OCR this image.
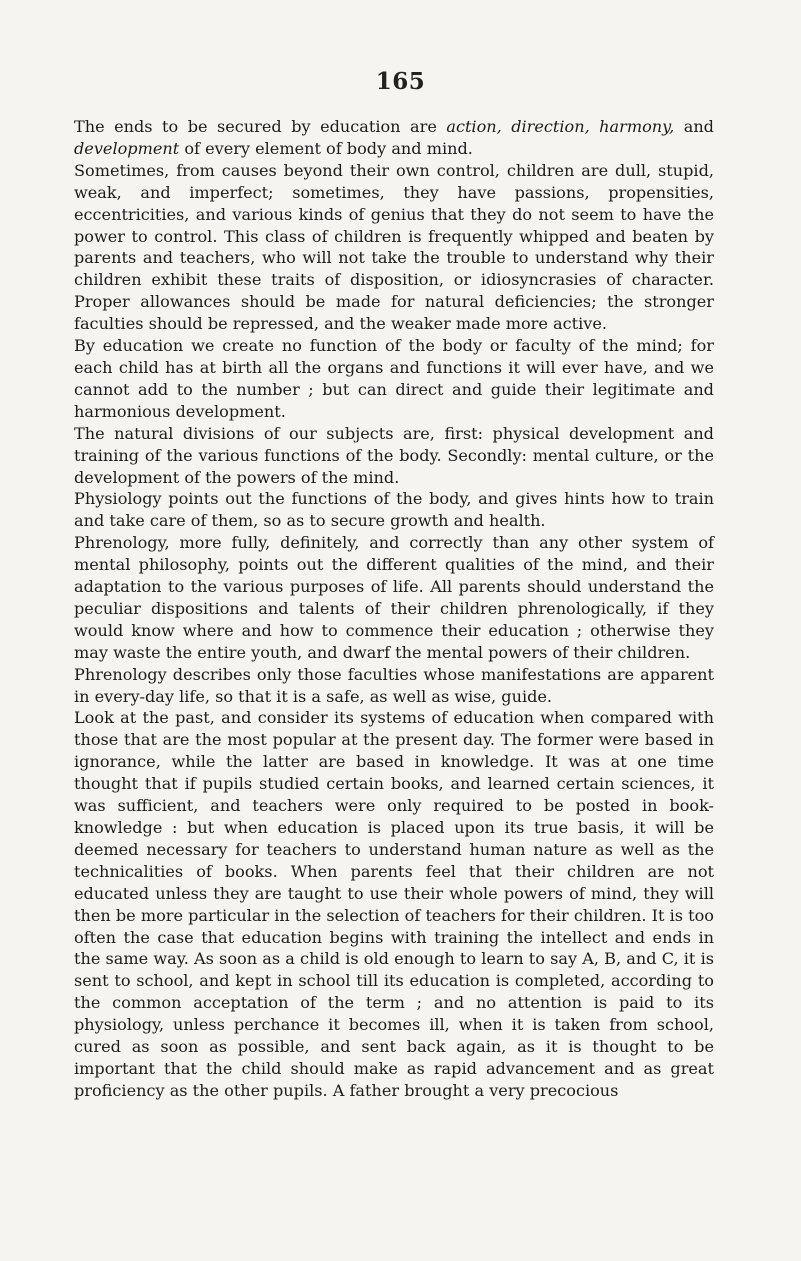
165

The ends to be secured by education are action, direction, harmony, and development of every element of body and mind.

Sometimes, from causes beyond their own control, children are dull, stupid, weak, and imperfect; sometimes, they have passions, propensities, eccentricities, and various kinds of genius that they do not seem to have the power to control. This class of children is frequently whipped and beaten by parents and teachers, who will not take the trouble to understand why their children exhibit these traits of disposition, or idiosyncrasies of character. Proper allowances should be made for natural deficiencies; the stronger faculties should be repressed, and the weaker made more active.

By education we create no function of the body or faculty of the mind; for each child has at birth all the organs and functions it will ever have, and we cannot add to the number ; but can direct and guide their legitimate and harmonious development.

The natural divisions of our subjects are, first: physical development and training of the various functions of the body. Secondly: mental culture, or the development of the powers of the mind.

Physiology points out the functions of the body, and gives hints how to train and take care of them, so as to secure growth and health.

Phrenology, more fully, definitely, and correctly than any other system of mental philosophy, points out the different qualities of the mind, and their adaptation to the various purposes of life. All parents should understand the peculiar dispositions and talents of their children phrenologically, if they would know where and how to commence their education ; otherwise they may waste the entire youth, and dwarf the mental powers of their children.

Phrenology describes only those faculties whose manifestations are apparent in every-day life, so that it is a safe, as well as wise, guide.

Look at the past, and consider its systems of education when compared with those that are the most popular at the present day. The former were based in ignorance, while the latter are based in knowledge. It was at one time thought that if pupils studied certain books, and learned certain sciences, it was sufficient, and teachers were only required to be posted in book-knowledge : but when education is placed upon its true basis, it will be deemed necessary for teachers to understand human nature as well as the technicalities of books. When parents feel that their children are not educated unless they are taught to use their whole powers of mind, they will then be more particular in the selection of teachers for their children. It is too often the case that education begins with training the intellect and ends in the same way. As soon as a child is old enough to learn to say A, B, and C, it is sent to school, and kept in school till its education is completed, according to the common acceptation of the term ; and no attention is paid to its physiology, unless perchance it becomes ill, when it is taken from school, cured as soon as possible, and sent back again, as it is thought to be important that the child should make as rapid advancement and as great proficiency as the other pupils. A father brought a very precocious
